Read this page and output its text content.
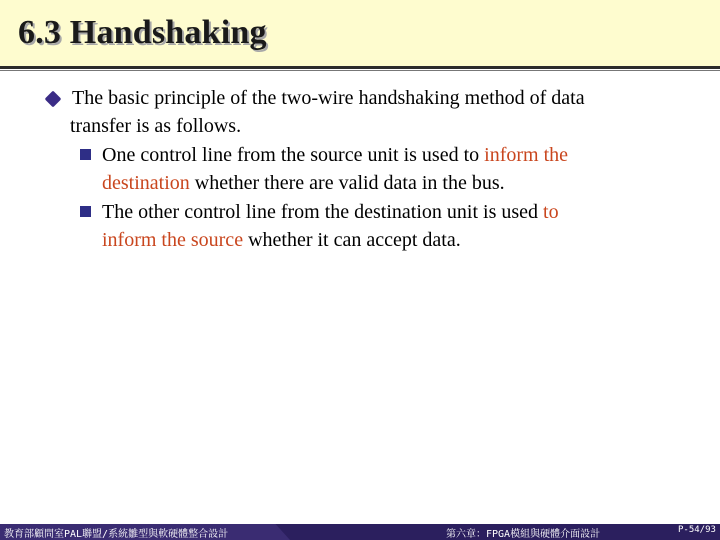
6.3 Handshaking
The basic principle of the two-wire handshaking method of data
transfer is as follows.
One control line from the source unit is used to inform the
destination whether there are valid data in the bus.
The other control line from the destination unit is used to
inform the source whether it can accept data.
教育部顧問室PAL聯盟/系統雛型與軟硬體整合設計	第六章：FPGA模組與硬體介面設計	P-54/93
